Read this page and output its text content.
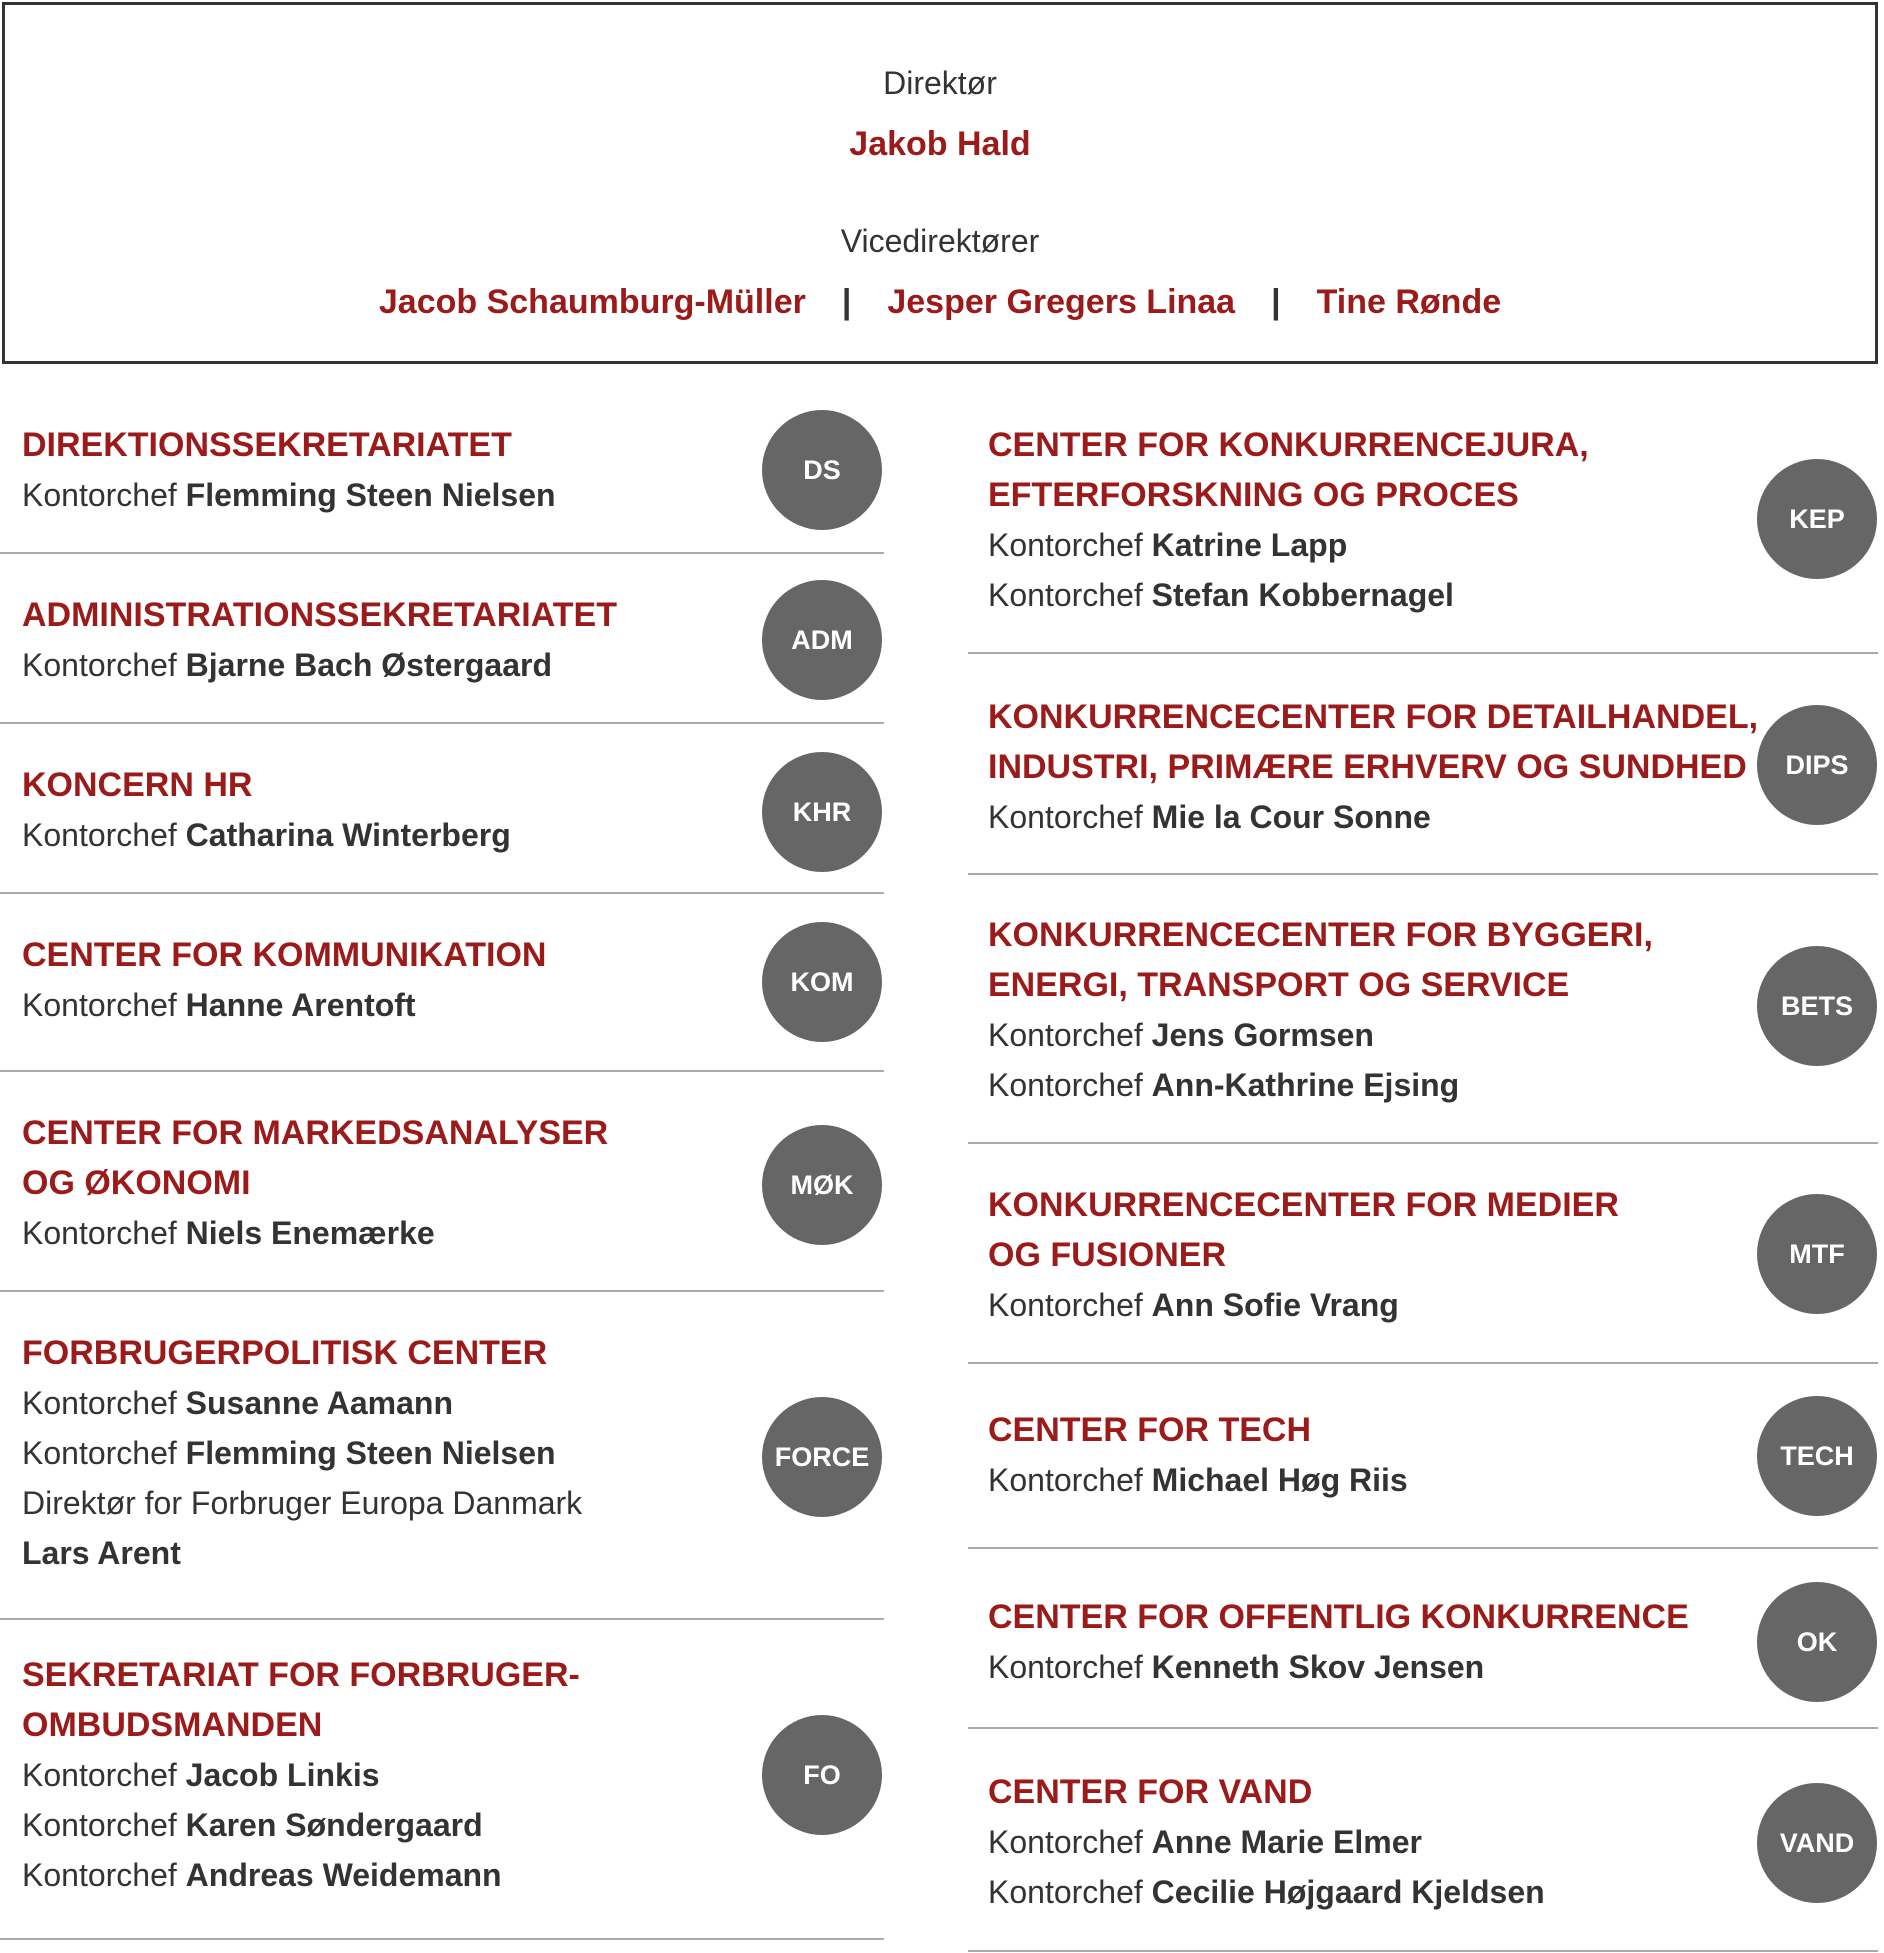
Direktør
Jakob Hald
Vicedirektører
Jacob Schaumburg-Müller | Jesper Gregers Linaa | Tine Rønde
DIREKTIONSSEKRETARIATET
Kontorchef Flemming Steen Nielsen
DS
ADMINISTRATIONSSEKRETARIATET
Kontorchef Bjarne Bach Østergaard
ADM
KONCERN HR
Kontorchef Catharina Winterberg
KHR
CENTER FOR KOMMUNIKATION
Kontorchef Hanne Arentoft
KOM
CENTER FOR MARKEDSANALYSER
OG ØKONOMI
Kontorchef Niels Enemærke
MØK
FORBRUGERPOLITISK CENTER
Kontorchef Susanne Aamann
Kontorchef Flemming Steen Nielsen
Direktør for Forbruger Europa Danmark
Lars Arent
FORCE
SEKRETARIAT FOR FORBRUGER-
OMBUDSMANDEN
Kontorchef Jacob Linkis
Kontorchef Karen Søndergaard
Kontorchef Andreas Weidemann
FO
CENTER FOR KONKURRENCEJURA,
EFTERFORSKNING OG PROCES
Kontorchef Katrine Lapp
Kontorchef Stefan Kobbernagel
KEP
KONKURRENCECENTER FOR DETAILHANDEL,
INDUSTRI, PRIMÆRE ERHVERV OG SUNDHED
Kontorchef Mie la Cour Sonne
DIPS
KONKURRENCECENTER FOR BYGGERI,
ENERGI, TRANSPORT OG SERVICE
Kontorchef Jens Gormsen
Kontorchef Ann-Kathrine Ejsing
BETS
KONKURRENCECENTER FOR MEDIER
OG FUSIONER
Kontorchef Ann Sofie Vrang
MTF
CENTER FOR TECH
Kontorchef Michael Høg Riis
TECH
CENTER FOR OFFENTLIG KONKURRENCE
Kontorchef Kenneth Skov Jensen
OK
CENTER FOR VAND
Kontorchef Anne Marie Elmer
Kontorchef Cecilie Højgaard Kjeldsen
VAND
